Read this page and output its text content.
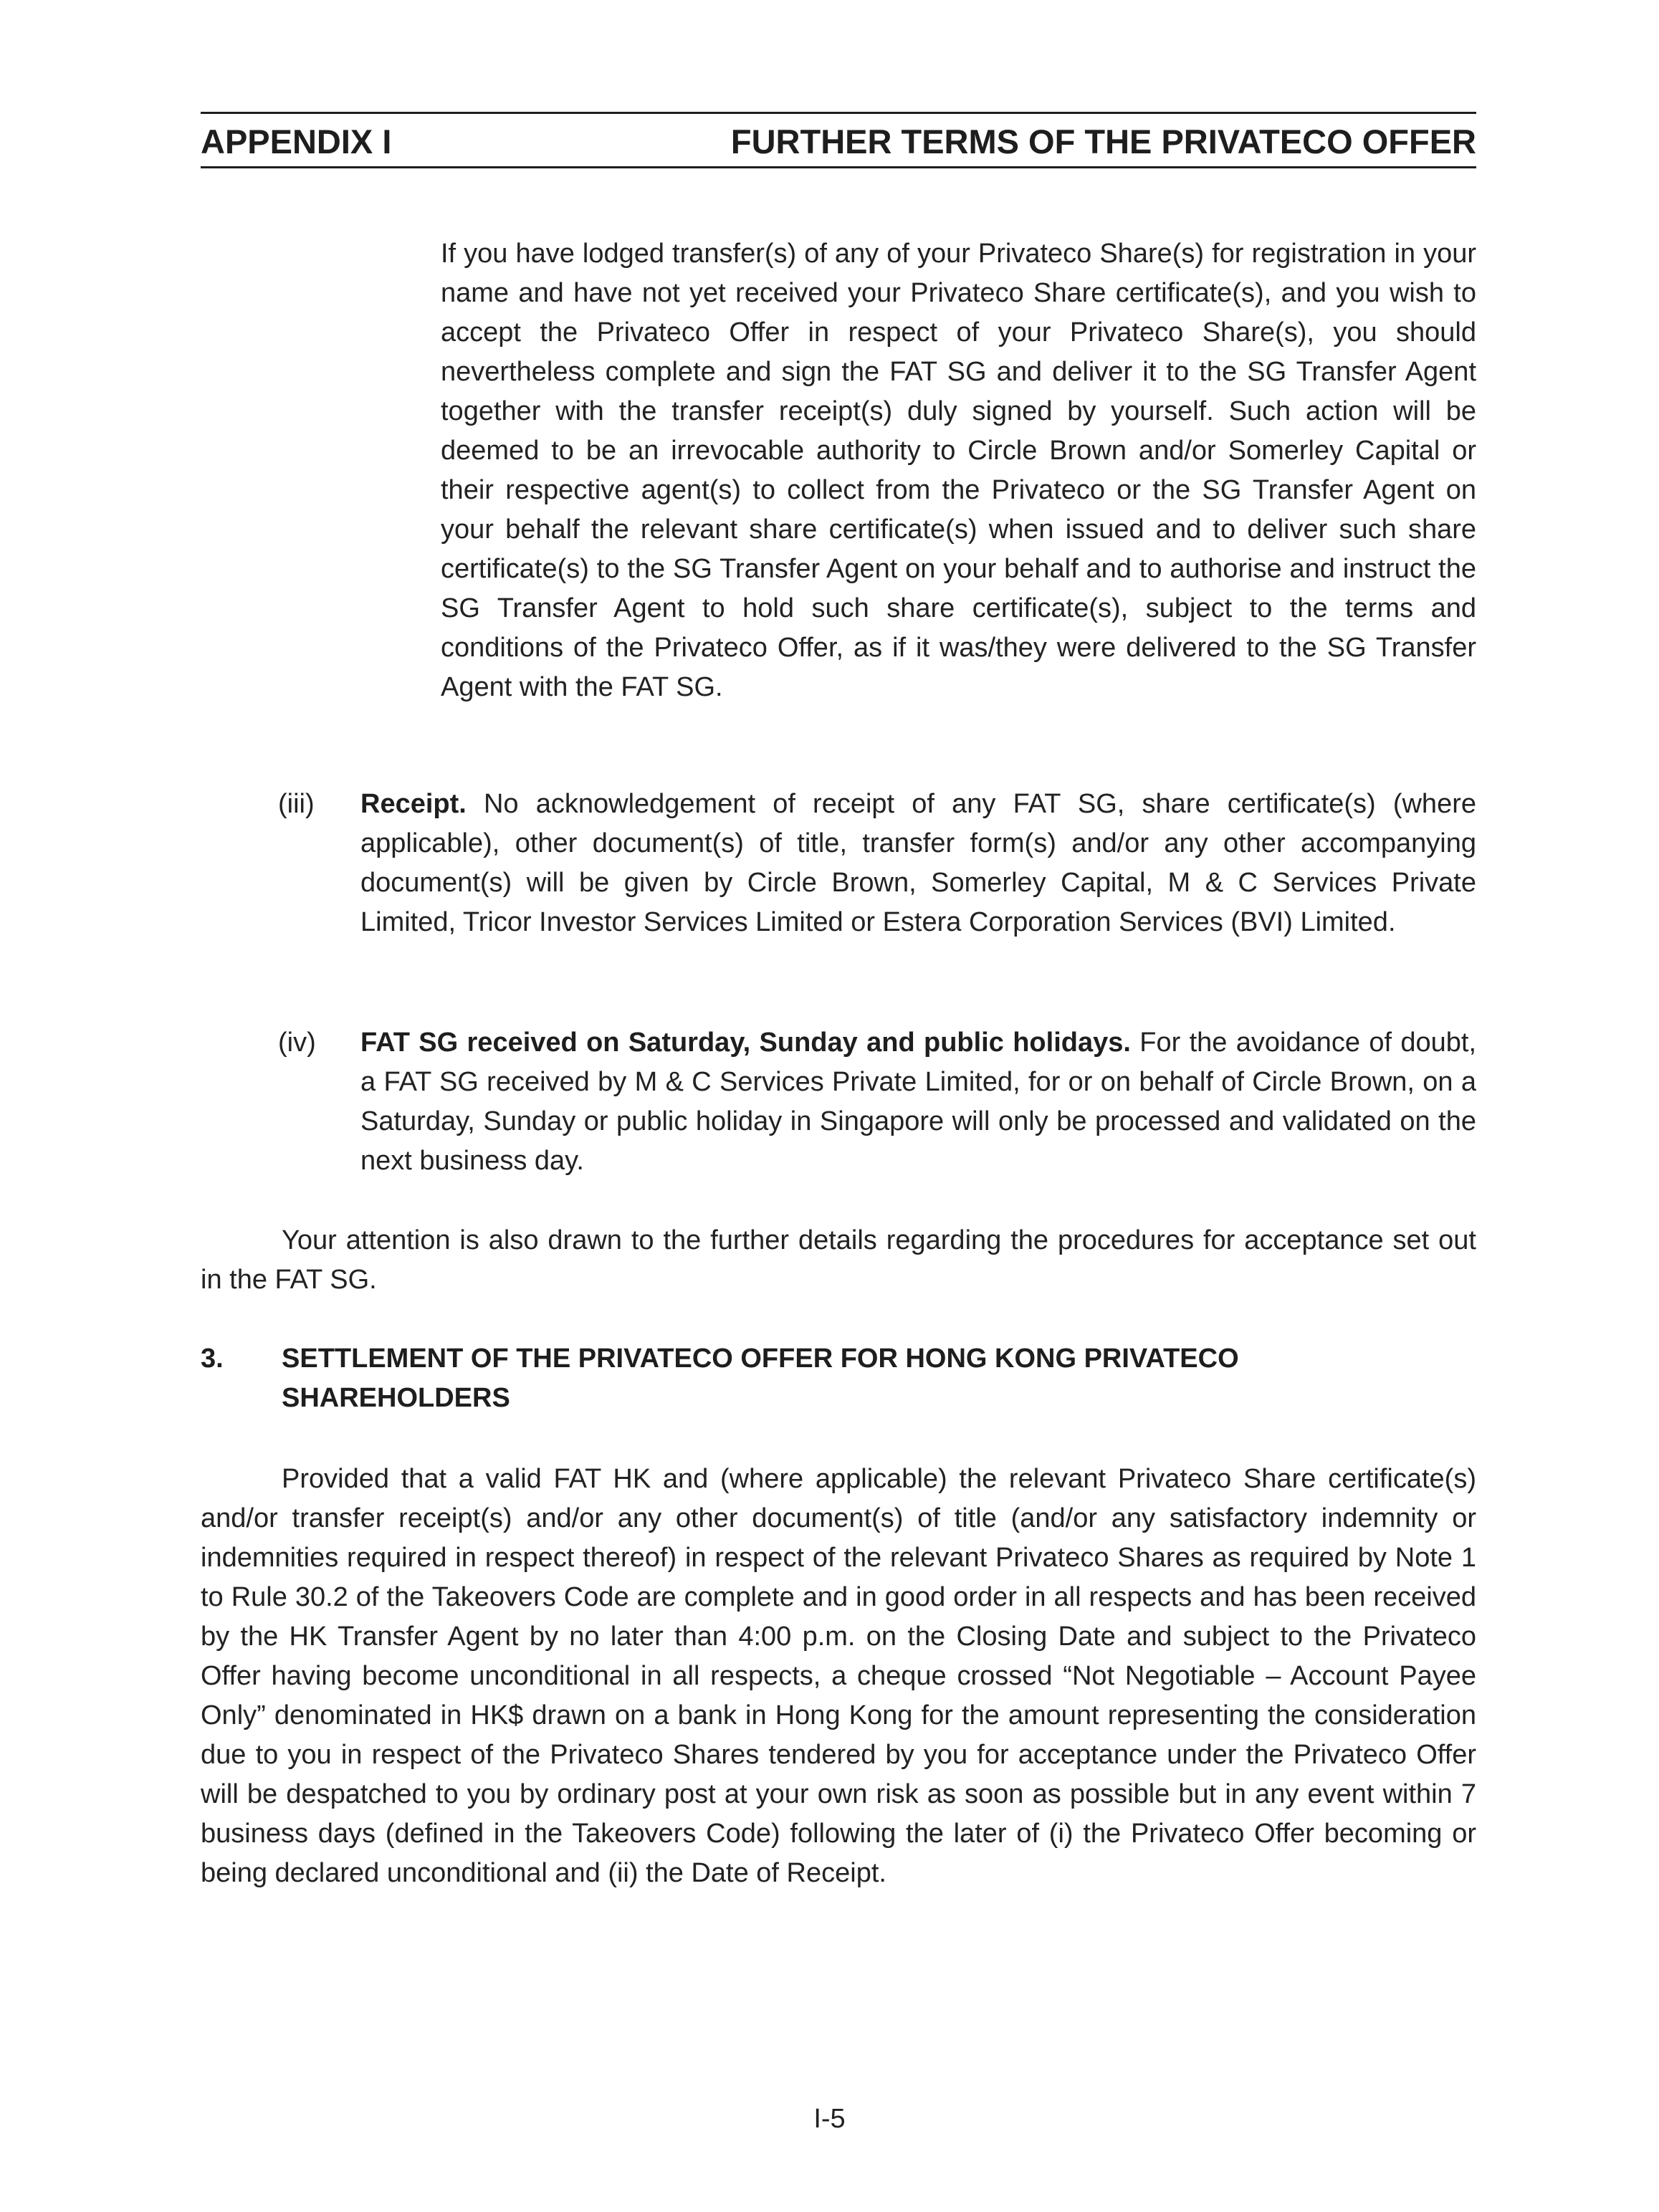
APPENDIX I	FURTHER TERMS OF THE PRIVATECO OFFER

If you have lodged transfer(s) of any of your Privateco Share(s) for registration in your name and have not yet received your Privateco Share certificate(s), and you wish to accept the Privateco Offer in respect of your Privateco Share(s), you should nevertheless complete and sign the FAT SG and deliver it to the SG Transfer Agent together with the transfer receipt(s) duly signed by yourself. Such action will be deemed to be an irrevocable authority to Circle Brown and/or Somerley Capital or their respective agent(s) to collect from the Privateco or the SG Transfer Agent on your behalf the relevant share certificate(s) when issued and to deliver such share certificate(s) to the SG Transfer Agent on your behalf and to authorise and instruct the SG Transfer Agent to hold such share certificate(s), subject to the terms and conditions of the Privateco Offer, as if it was/they were delivered to the SG Transfer Agent with the FAT SG.

(iii) Receipt. No acknowledgement of receipt of any FAT SG, share certificate(s) (where applicable), other document(s) of title, transfer form(s) and/or any other accompanying document(s) will be given by Circle Brown, Somerley Capital, M & C Services Private Limited, Tricor Investor Services Limited or Estera Corporation Services (BVI) Limited.

(iv) FAT SG received on Saturday, Sunday and public holidays. For the avoidance of doubt, a FAT SG received by M & C Services Private Limited, for or on behalf of Circle Brown, on a Saturday, Sunday or public holiday in Singapore will only be processed and validated on the next business day.

Your attention is also drawn to the further details regarding the procedures for acceptance set out in the FAT SG.

3. SETTLEMENT OF THE PRIVATECO OFFER FOR HONG KONG PRIVATECO SHAREHOLDERS

Provided that a valid FAT HK and (where applicable) the relevant Privateco Share certificate(s) and/or transfer receipt(s) and/or any other document(s) of title (and/or any satisfactory indemnity or indemnities required in respect thereof) in respect of the relevant Privateco Shares as required by Note 1 to Rule 30.2 of the Takeovers Code are complete and in good order in all respects and has been received by the HK Transfer Agent by no later than 4:00 p.m. on the Closing Date and subject to the Privateco Offer having become unconditional in all respects, a cheque crossed “Not Negotiable – Account Payee Only” denominated in HK$ drawn on a bank in Hong Kong for the amount representing the consideration due to you in respect of the Privateco Shares tendered by you for acceptance under the Privateco Offer will be despatched to you by ordinary post at your own risk as soon as possible but in any event within 7 business days (defined in the Takeovers Code) following the later of (i) the Privateco Offer becoming or being declared unconditional and (ii) the Date of Receipt.

I-5
